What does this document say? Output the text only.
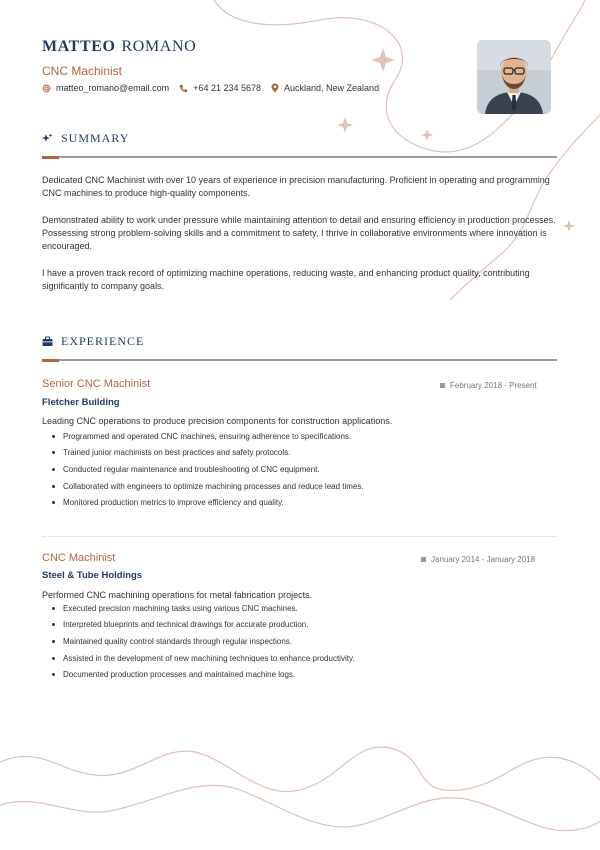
MATTEO ROMANO
CNC Machinist
matteo_romano@email.com	+64 21 234 5678	Auckland, New Zealand
SUMMARY

Dedicated CNC Machinist with over 10 years of experience in precision manufacturing. Proficient in operating and programming CNC machines to produce high-quality components.

Demonstrated ability to work under pressure while maintaining attention to detail and ensuring efficiency in production processes. Possessing strong problem-solving skills and a commitment to safety, I thrive in collaborative environments where innovation is encouraged.

I have a proven track record of optimizing machine operations, reducing waste, and enhancing product quality, contributing significantly to company goals.

EXPERIENCE
Senior CNC Machinist	February 2018 - Present
Fletcher Building
Leading CNC operations to produce precision components for construction applications.
Programmed and operated CNC machines, ensuring adherence to specifications.
Trained junior machinists on best practices and safety protocols.
Conducted regular maintenance and troubleshooting of CNC equipment.
Collaborated with engineers to optimize machining processes and reduce lead times.
Monitored production metrics to improve efficiency and quality.
CNC Machinist	January 2014 - January 2018
Steel & Tube Holdings
Performed CNC machining operations for metal fabrication projects.
Executed precision machining tasks using various CNC machines.
Interpreted blueprints and technical drawings for accurate production.
Maintained quality control standards through regular inspections.
Assisted in the development of new machining techniques to enhance productivity.
Documented production processes and maintained machine logs.
